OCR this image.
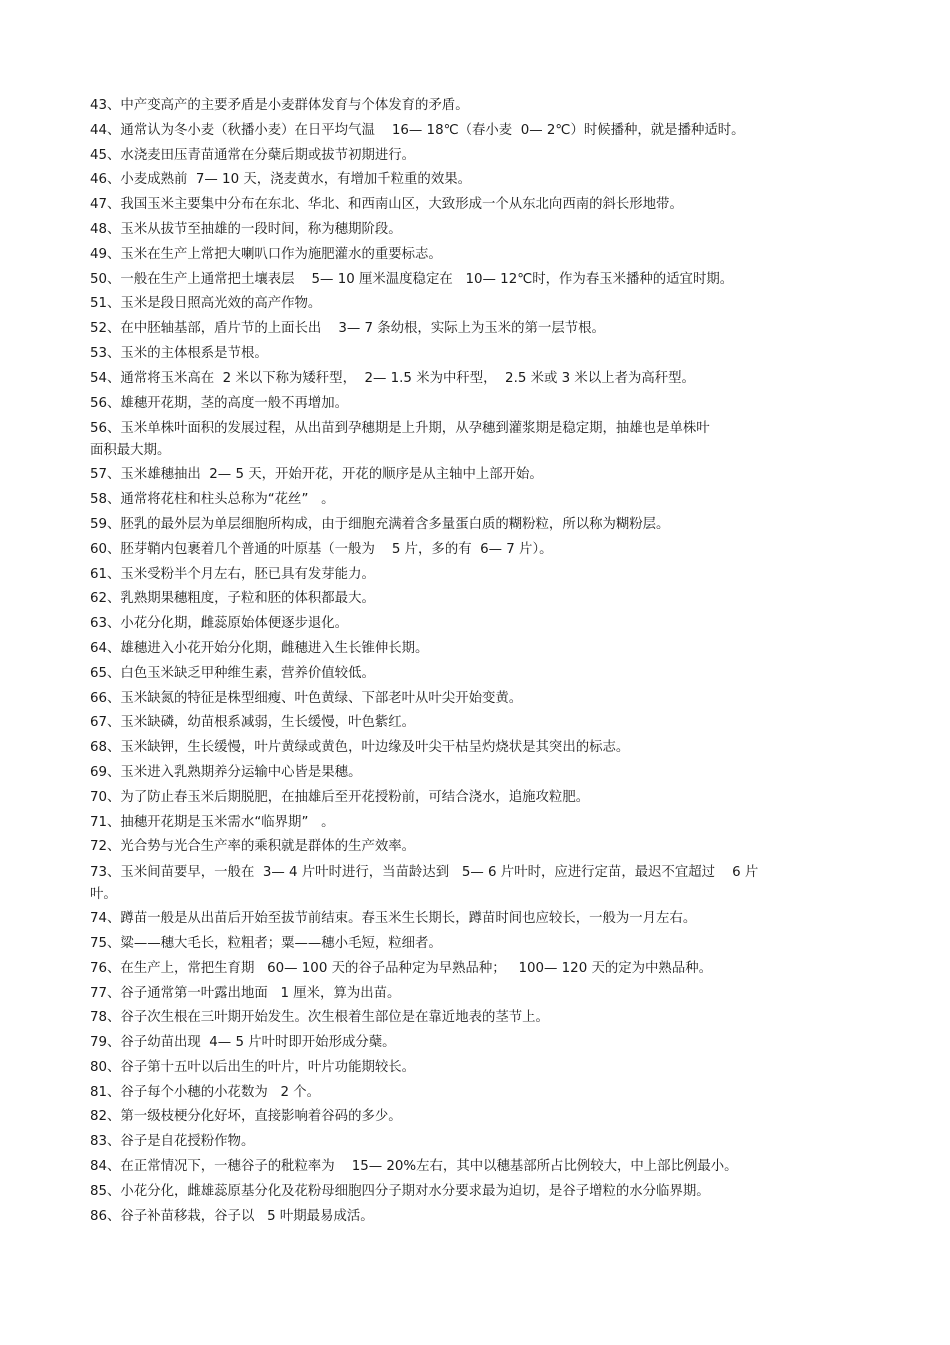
43、中产变高产的主要矛盾是小麦群体发育与个体发育的矛盾。

44、通常认为冬小麦（秋播小麦）在日平均气温    16— 18℃（春小麦  0— 2℃）时候播种，就是播种适时。

45、水浇麦田压青苗通常在分蘖后期或拔节初期进行。

46、小麦成熟前  7— 10 天，浇麦黄水，有增加千粒重的效果。

47、我国玉米主要集中分布在东北、华北、和西南山区，大致形成一个从东北向西南的斜长形地带。

48、玉米从拔节至抽雄的一段时间，称为穗期阶段。

49、玉米在生产上常把大喇叭口作为施肥灌水的重要标志。

50、一般在生产上通常把土壤表层    5— 10 厘米温度稳定在   10— 12℃时，作为春玉米播种的适宜时期。

51、玉米是段日照高光效的高产作物。

52、在中胚轴基部，盾片节的上面长出    3— 7 条幼根，实际上为玉米的第一层节根。

53、玉米的主体根系是节根。

54、通常将玉米高在  2 米以下称为矮秆型，  2— 1.5 米为中秆型，  2.5 米或 3 米以上者为高秆型。

56、雄穗开花期，茎的高度一般不再增加。

56、玉米单株叶面积的发展过程，从出苗到孕穗期是上升期，从孕穗到灌浆期是稳定期，抽雄也是单株叶
面积最大期。

57、玉米雄穗抽出  2— 5 天，开始开花，开花的顺序是从主轴中上部开始。

58、通常将花柱和柱头总称为“花丝”   。

59、胚乳的最外层为单层细胞所构成，由于细胞充满着含多量蛋白质的糊粉粒，所以称为糊粉层。

60、胚芽鞘内包裹着几个普通的叶原基（一般为    5 片，多的有  6— 7 片）。

61、玉米受粉半个月左右，胚已具有发芽能力。

62、乳熟期果穗粗度，子粒和胚的体积都最大。

63、小花分化期，雌蕊原始体便逐步退化。

64、雄穗进入小花开始分化期，雌穗进入生长锥伸长期。

65、白色玉米缺乏甲种维生素，营养价值较低。

66、玉米缺氮的特征是株型细瘦、叶色黄绿、下部老叶从叶尖开始变黄。

67、玉米缺磷，幼苗根系减弱，生长缓慢，叶色紫红。

68、玉米缺钾，生长缓慢，叶片黄绿或黄色，叶边缘及叶尖干枯呈灼烧状是其突出的标志。

69、玉米进入乳熟期养分运输中心皆是果穗。

70、为了防止春玉米后期脱肥，在抽雄后至开花授粉前，可结合浇水，追施攻粒肥。

71、抽穗开花期是玉米需水“临界期”   。

72、光合势与光合生产率的乘积就是群体的生产效率。

73、玉米间苗要早，一般在  3— 4 片叶时进行，当苗龄达到   5— 6 片叶时，应进行定苗，最迟不宜超过    6 片
叶。

74、蹲苗一般是从出苗后开始至拔节前结束。春玉米生长期长，蹲苗时间也应较长，一般为一月左右。

75、粱——穗大毛长，粒粗者；粟——穗小毛短，粒细者。

76、在生产上，常把生育期   60— 100 天的谷子品种定为早熟品种；   100— 120 天的定为中熟品种。

77、谷子通常第一叶露出地面   1 厘米，算为出苗。

78、谷子次生根在三叶期开始发生。次生根着生部位是在靠近地表的茎节上。

79、谷子幼苗出现  4— 5 片叶时即开始形成分蘖。

80、谷子第十五叶以后出生的叶片，叶片功能期较长。

81、谷子每个小穗的小花数为   2 个。

82、第一级枝梗分化好坏，直接影响着谷码的多少。

83、谷子是自花授粉作物。

84、在正常情况下，一穗谷子的秕粒率为    15— 20%左右，其中以穗基部所占比例较大，中上部比例最小。

85、小花分化，雌雄蕊原基分化及花粉母细胞四分子期对水分要求最为迫切，是谷子增粒的水分临界期。

86、谷子补苗移栽，谷子以   5 叶期最易成活。
